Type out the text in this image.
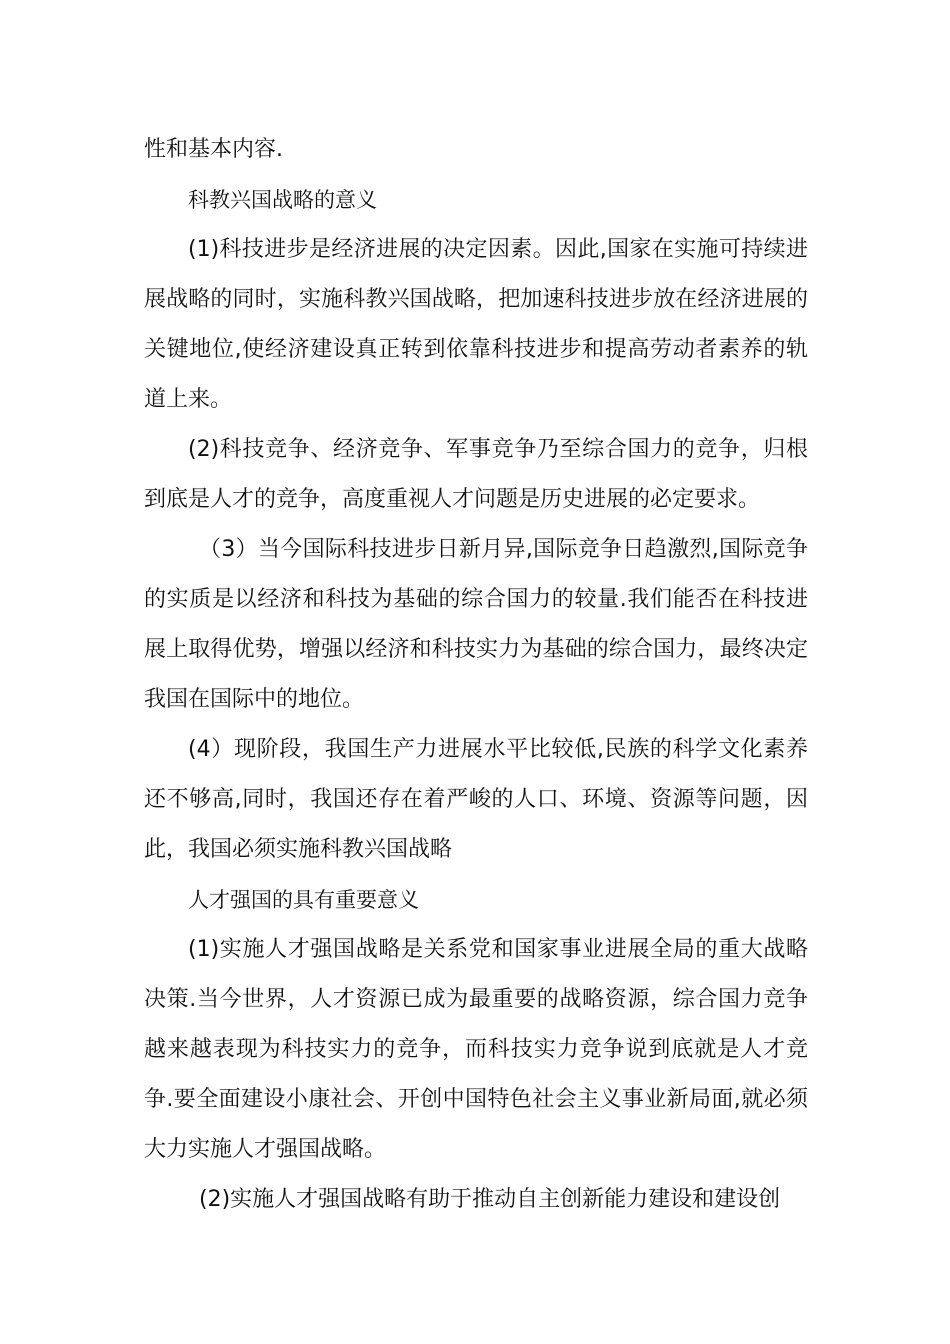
性和基本内容.

科教兴国战略的意义

(1)科技进步是经济进展的决定因素。因此,国家在实施可持续进展战略的同时，实施科教兴国战略，把加速科技进步放在经济进展的关键地位,使经济建设真正转到依靠科技进步和提高劳动者素养的轨道上来。

(2)科技竞争、经济竞争、军事竞争乃至综合国力的竞争，归根到底是人才的竞争，高度重视人才问题是历史进展的必定要求。

（3）当今国际科技进步日新月异,国际竞争日趋激烈,国际竞争的实质是以经济和科技为基础的综合国力的较量.我们能否在科技进展上取得优势，增强以经济和科技实力为基础的综合国力，最终决定我国在国际中的地位。

(4）现阶段，我国生产力进展水平比较低,民族的科学文化素养还不够高,同时，我国还存在着严峻的人口、环境、资源等问题，因此，我国必须实施科教兴国战略

人才强国的具有重要意义

(1)实施人才强国战略是关系党和国家事业进展全局的重大战略决策.当今世界，人才资源已成为最重要的战略资源，综合国力竞争越来越表现为科技实力的竞争，而科技实力竞争说到底就是人才竞争.要全面建设小康社会、开创中国特色社会主义事业新局面,就必须大力实施人才强国战略。

(2)实施人才强国战略有助于推动自主创新能力建设和建设创
